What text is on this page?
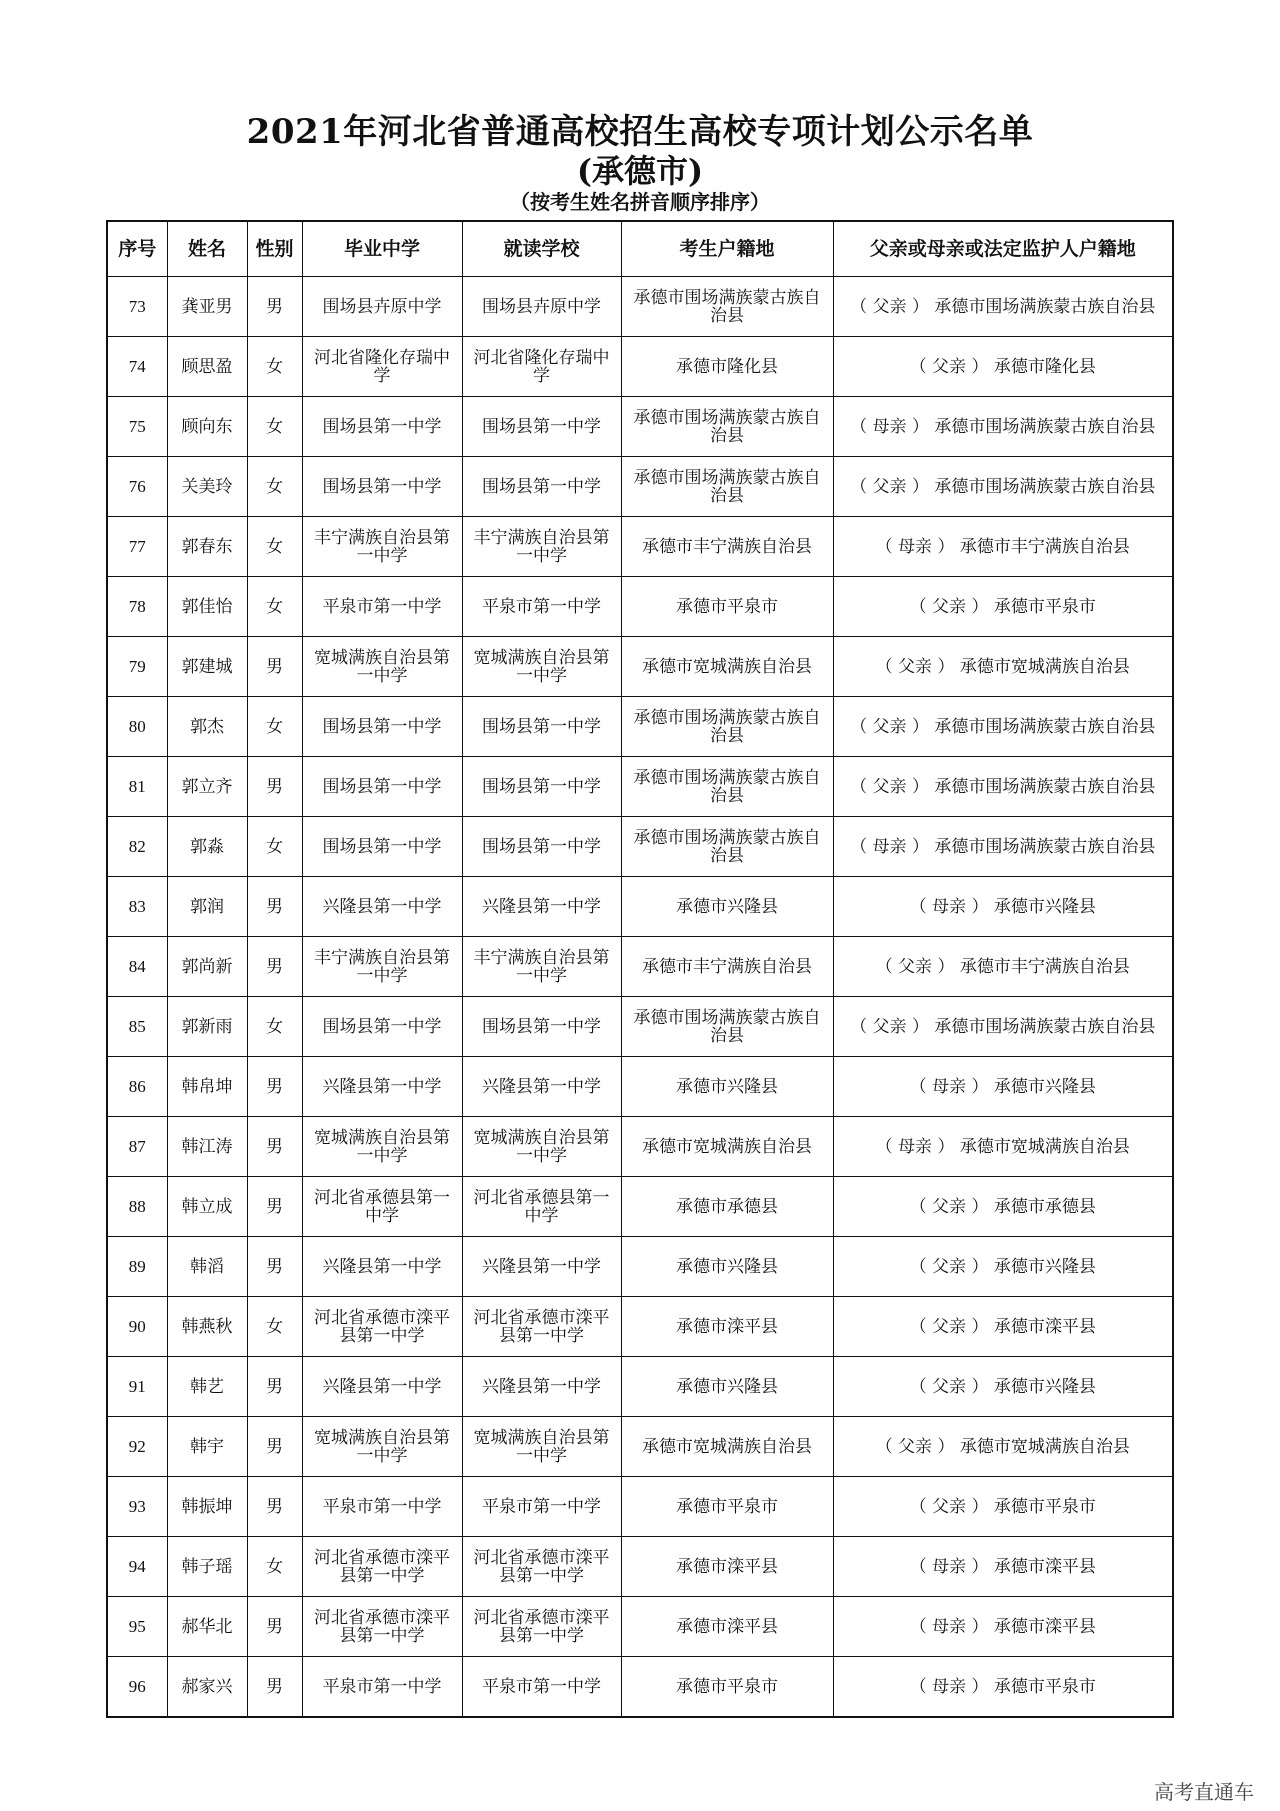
2021年河北省普通高校招生高校专项计划公示名单
(承德市)
（按考生姓名拼音顺序排序）
序号	姓名	性别	毕业中学	就读学校	考生户籍地	父亲或母亲或法定监护人户籍地
73	龚亚男	男	围场县卉原中学	围场县卉原中学	承德市围场满族蒙古族自治县	（ 父亲 ） 承德市围场满族蒙古族自治县
74	顾思盈	女	河北省隆化存瑞中学	河北省隆化存瑞中学	承德市隆化县	（ 父亲 ） 承德市隆化县
75	顾向东	女	围场县第一中学	围场县第一中学	承德市围场满族蒙古族自治县	（ 母亲 ） 承德市围场满族蒙古族自治县
76	关美玲	女	围场县第一中学	围场县第一中学	承德市围场满族蒙古族自治县	（ 父亲 ） 承德市围场满族蒙古族自治县
77	郭春东	女	丰宁满族自治县第一中学	丰宁满族自治县第一中学	承德市丰宁满族自治县	（ 母亲 ） 承德市丰宁满族自治县
78	郭佳怡	女	平泉市第一中学	平泉市第一中学	承德市平泉市	（ 父亲 ） 承德市平泉市
79	郭建城	男	宽城满族自治县第一中学	宽城满族自治县第一中学	承德市宽城满族自治县	（ 父亲 ） 承德市宽城满族自治县
80	郭杰	女	围场县第一中学	围场县第一中学	承德市围场满族蒙古族自治县	（ 父亲 ） 承德市围场满族蒙古族自治县
81	郭立齐	男	围场县第一中学	围场县第一中学	承德市围场满族蒙古族自治县	（ 父亲 ） 承德市围场满族蒙古族自治县
82	郭淼	女	围场县第一中学	围场县第一中学	承德市围场满族蒙古族自治县	（ 母亲 ） 承德市围场满族蒙古族自治县
83	郭润	男	兴隆县第一中学	兴隆县第一中学	承德市兴隆县	（ 母亲 ） 承德市兴隆县
84	郭尚新	男	丰宁满族自治县第一中学	丰宁满族自治县第一中学	承德市丰宁满族自治县	（ 父亲 ） 承德市丰宁满族自治县
85	郭新雨	女	围场县第一中学	围场县第一中学	承德市围场满族蒙古族自治县	（ 父亲 ） 承德市围场满族蒙古族自治县
86	韩帛坤	男	兴隆县第一中学	兴隆县第一中学	承德市兴隆县	（ 母亲 ） 承德市兴隆县
87	韩江涛	男	宽城满族自治县第一中学	宽城满族自治县第一中学	承德市宽城满族自治县	（ 母亲 ） 承德市宽城满族自治县
88	韩立成	男	河北省承德县第一中学	河北省承德县第一中学	承德市承德县	（ 父亲 ） 承德市承德县
89	韩滔	男	兴隆县第一中学	兴隆县第一中学	承德市兴隆县	（ 父亲 ） 承德市兴隆县
90	韩燕秋	女	河北省承德市滦平县第一中学	河北省承德市滦平县第一中学	承德市滦平县	（ 父亲 ） 承德市滦平县
91	韩艺	男	兴隆县第一中学	兴隆县第一中学	承德市兴隆县	（ 父亲 ） 承德市兴隆县
92	韩宇	男	宽城满族自治县第一中学	宽城满族自治县第一中学	承德市宽城满族自治县	（ 父亲 ） 承德市宽城满族自治县
93	韩振坤	男	平泉市第一中学	平泉市第一中学	承德市平泉市	（ 父亲 ） 承德市平泉市
94	韩子瑶	女	河北省承德市滦平县第一中学	河北省承德市滦平县第一中学	承德市滦平县	（ 母亲 ） 承德市滦平县
95	郝华北	男	河北省承德市滦平县第一中学	河北省承德市滦平县第一中学	承德市滦平县	（ 母亲 ） 承德市滦平县
96	郝家兴	男	平泉市第一中学	平泉市第一中学	承德市平泉市	（ 母亲 ） 承德市平泉市
高考直通车
